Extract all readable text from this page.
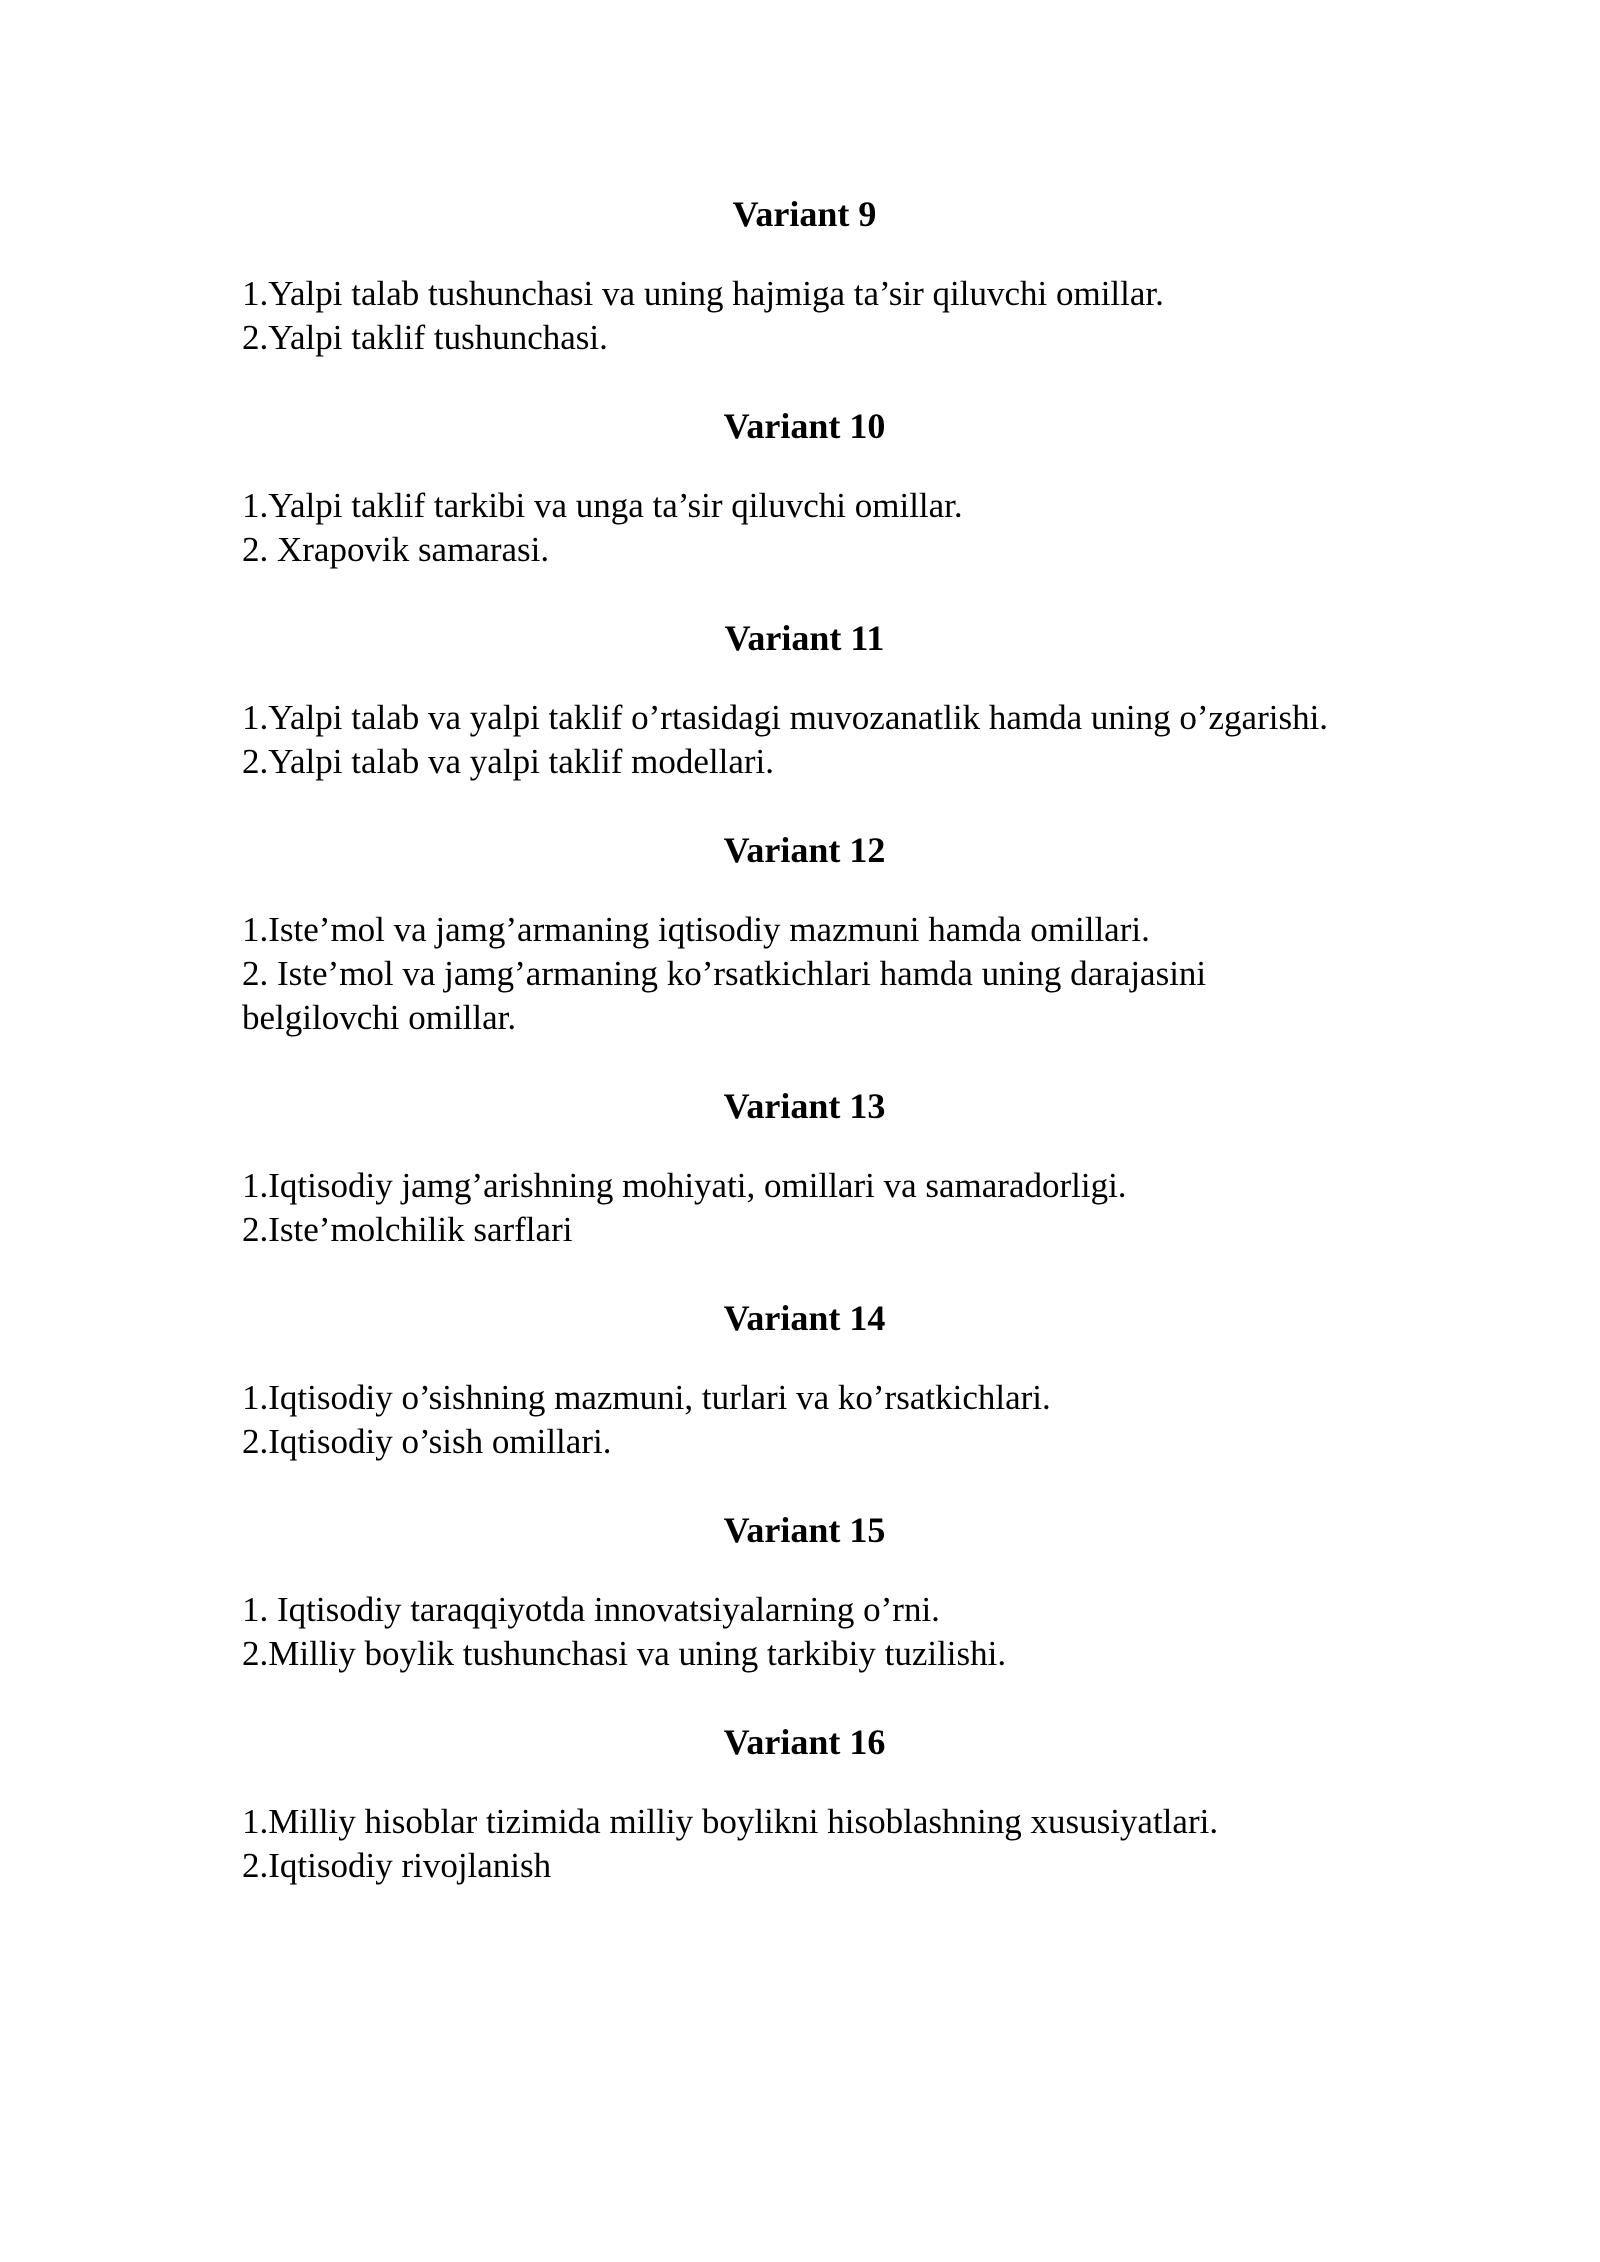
Variant 9

1.Yalpi talab tushunchasi va uning hajmiga ta’sir qiluvchi omillar.

2.Yalpi taklif tushunchasi.

Variant 10

1.Yalpi taklif tarkibi va unga ta’sir qiluvchi omillar.

2. Xrapovik samarasi.

Variant 11

1.Yalpi talab va yalpi taklif o’rtasidagi muvozanatlik hamda uning o’zgarishi.

2.Yalpi talab va yalpi taklif modellari.

Variant 12

1.Iste’mol va jamg’armaning iqtisodiy mazmuni hamda omillari.

2. Iste’mol va jamg’armaning ko’rsatkichlari hamda uning darajasini belgilovchi omillar.

Variant 13

1.Iqtisodiy jamg’arishning mohiyati, omillari va samaradorligi.

2.Iste’molchilik sarflari

Variant 14

1.Iqtisodiy o’sishning mazmuni, turlari va ko’rsatkichlari.

2.Iqtisodiy o’sish omillari.

Variant 15

1. Iqtisodiy taraqqiyotda innovatsiyalarning o’rni.

2.Milliy boylik tushunchasi va uning tarkibiy tuzilishi.

Variant 16

1.Milliy hisoblar tizimida milliy boylikni hisoblashning xususiyatlari.

2.Iqtisodiy rivojlanish
